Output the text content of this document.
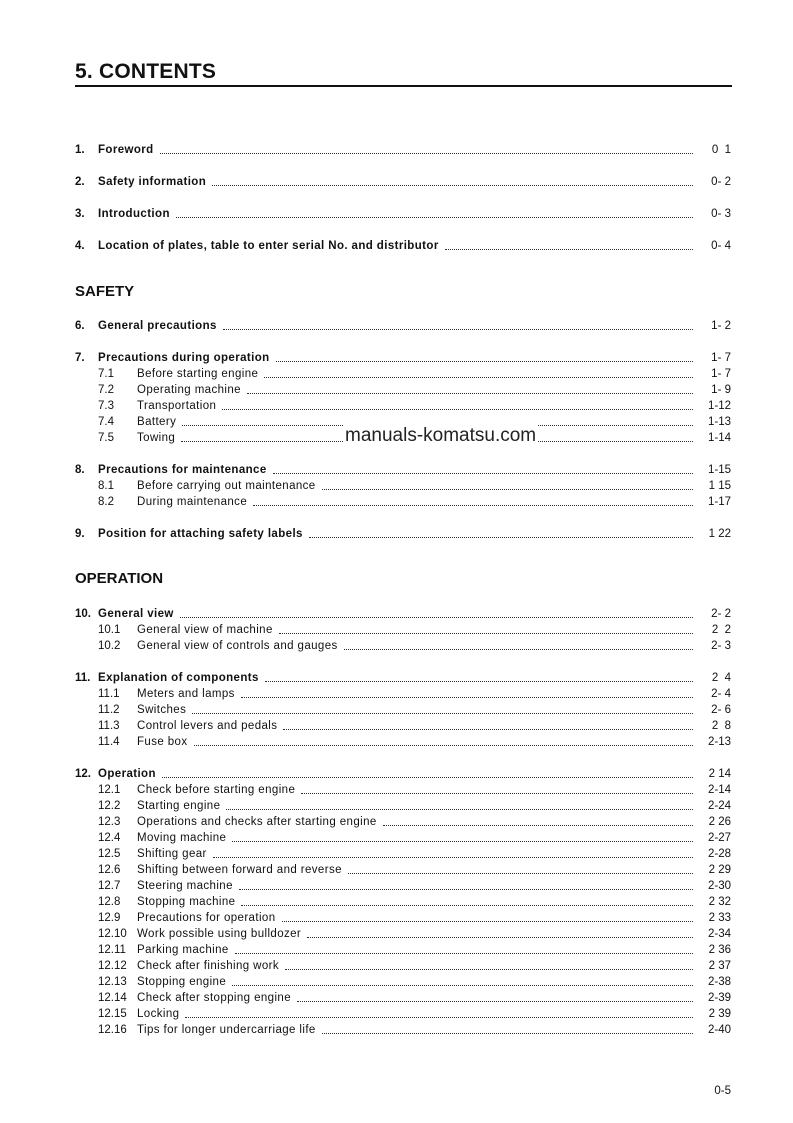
5. CONTENTS
1.	Foreword	0  1
2.	Safety information	0- 2
3.	Introduction	0- 3
4.	Location of plates, table to enter serial No. and distributor	0- 4
SAFETY
6.	General precautions	1- 2
7.	Precautions during operation	1- 7
7.1	Before starting engine	1- 7
7.2	Operating machine	1- 9
7.3	Transportation	1-12
7.4	Battery	1-13
7.5	Towing	1-14
8.	Precautions for maintenance	1-15
8.1	Before carrying out maintenance	1 15
8.2	During maintenance	1-17
9.	Position for attaching safety labels	1 22
OPERATION
10. General view	2- 2
10.1	General view of machine	2  2
10.2	General view of controls and gauges	2- 3
11. Explanation of components	2  4
11.1	Meters and lamps	2- 4
11.2	Switches	2- 6
11.3	Control levers and pedals	2  8
11.4	Fuse box	2-13
12. Operation	2 14
12.1	Check before starting engine	2-14
12.2	Starting engine	2-24
12.3	Operations and checks after starting engine	2 26
12.4	Moving machine	2-27
12.5	Shifting gear	2-28
12.6	Shifting between forward and reverse	2 29
12.7	Steering machine	2-30
12.8	Stopping machine	2 32
12.9	Precautions for operation	2 33
12.10 Work possible using bulldozer	2-34
12.11 Parking machine	2 36
12.12 Check after finishing work	2 37
12.13 Stopping engine	2-38
12.14 Check after stopping engine	2-39
12.15 Locking	2 39
12.16 Tips for longer undercarriage life	2-40
manuals-komatsu.com
0-5
